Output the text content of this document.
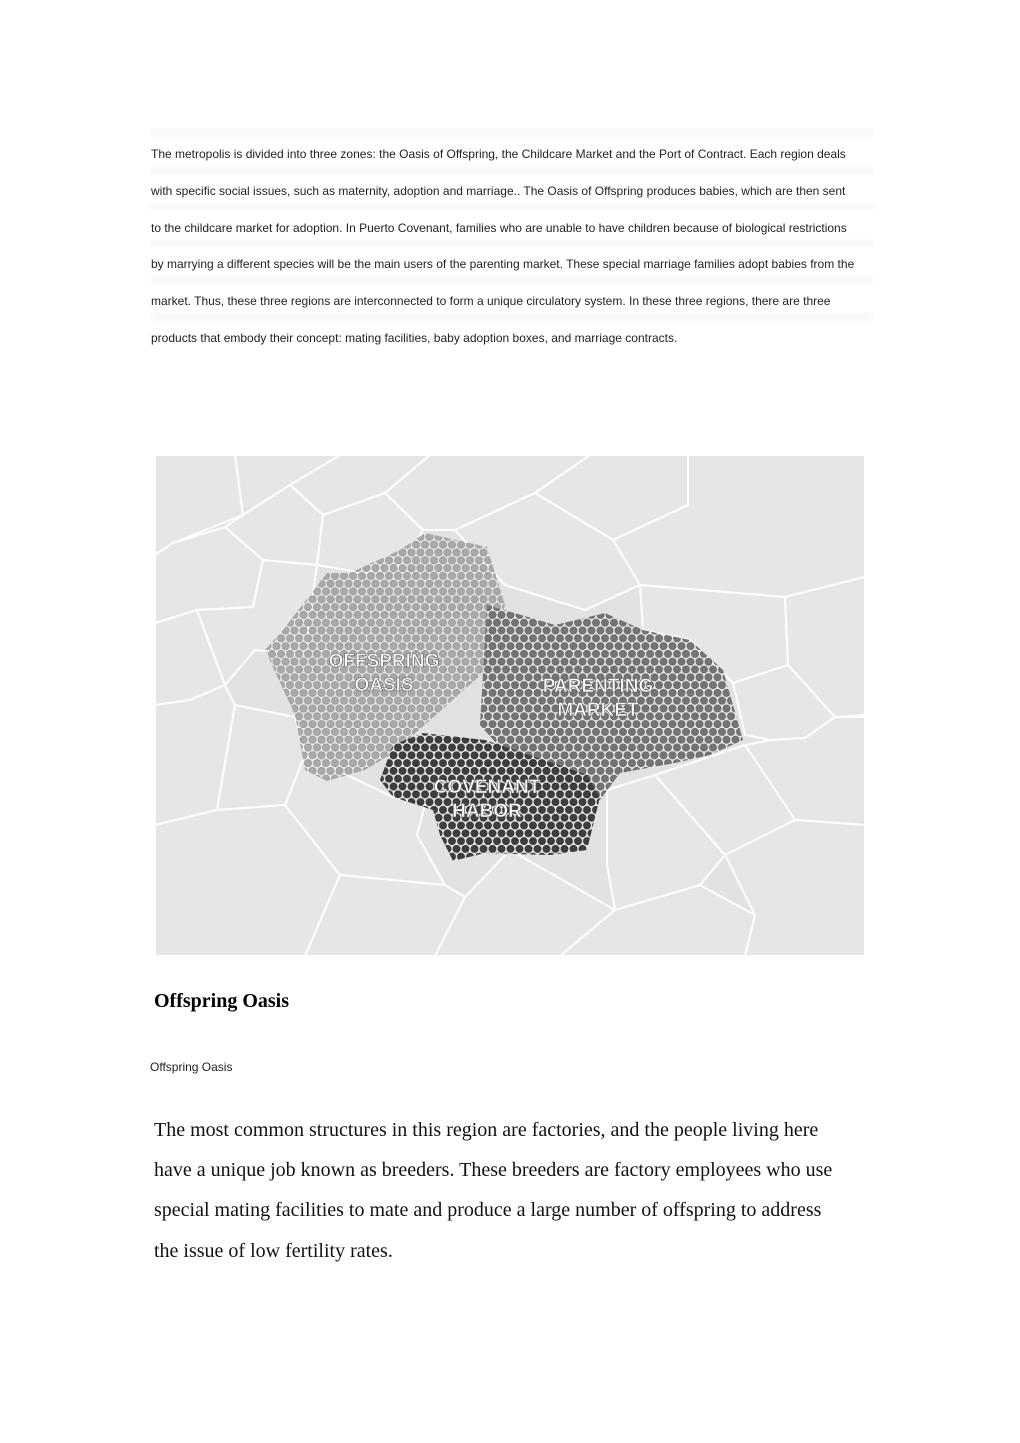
The metropolis is divided into three zones: the Oasis of Offspring, the Childcare Market and the Port of Contract. Each region deals
with specific social issues, such as maternity, adoption and marriage.. The Oasis of Offspring produces babies, which are then sent
to the childcare market for adoption. In Puerto Covenant, families who are unable to have children because of biological restrictions
by marrying a different species will be the main users of the parenting market. These special marriage families adopt babies from the
market. Thus, these three regions are interconnected to form a unique circulatory system. In these three regions, there are three
products that embody their concept: mating facilities, baby adoption boxes, and marriage contracts.
OFFSPRING
OASIS	PARENTING
MARKET
COVENANT
HABOR
Offspring Oasis
Offspring Oasis

The most common structures in this region are factories, and the people living here
have a unique job known as breeders. These breeders are factory employees who use
special mating facilities to mate and produce a large number of offspring to address
the issue of low fertility rates.
